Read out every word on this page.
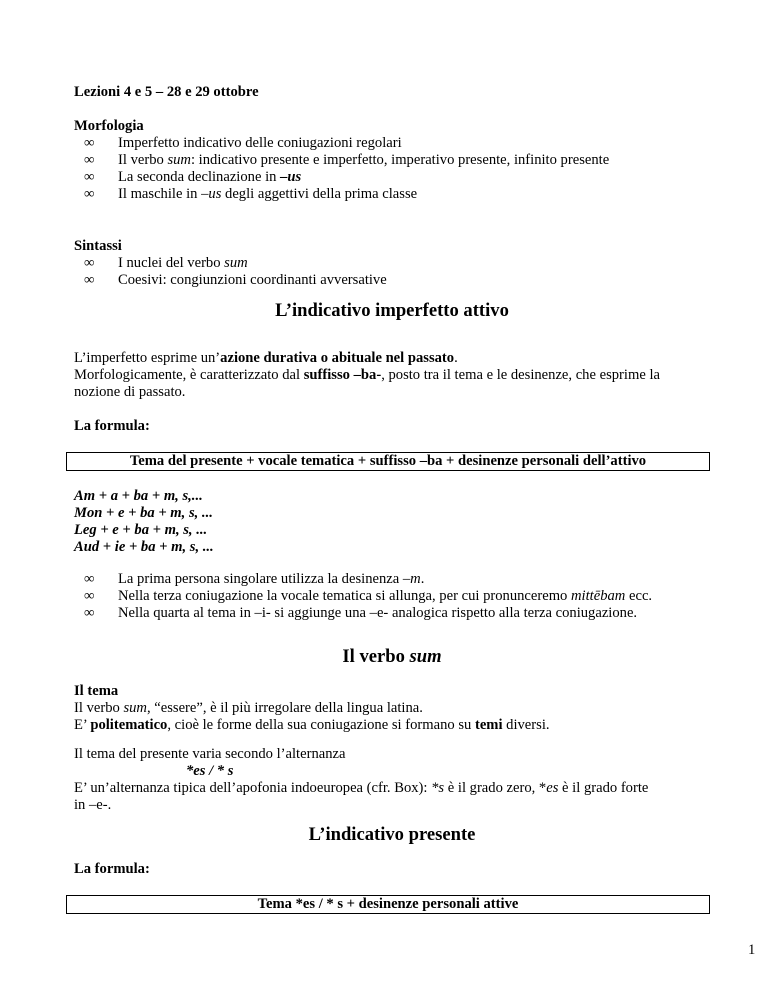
Lezioni 4 e 5 – 28 e 29 ottobre
Morfologia
∞ Imperfetto indicativo delle coniugazioni regolari
∞ Il verbo sum: indicativo presente e imperfetto, imperativo presente, infinito presente
∞ La seconda declinazione in –us
∞ Il maschile in –us degli aggettivi della prima classe
Sintassi
∞ I nuclei del verbo sum
∞ Coesivi: congiunzioni coordinanti avversative
L’indicativo imperfetto attivo
L’imperfetto esprime un’azione durativa o abituale nel passato.
Morfologicamente, è caratterizzato dal suffisso –ba-, posto tra il tema e le desinenze, che esprime la
nozione di passato.
La formula:
Tema del presente + vocale tematica + suffisso –ba + desinenze personali dell’attivo
Am + a + ba + m, s,...
Mon + e + ba + m, s, ...
Leg + e + ba + m, s, ...
Aud + ie + ba + m, s, ...
∞ La prima persona singolare utilizza la desinenza –m.
∞ Nella terza coniugazione la vocale tematica si allunga, per cui pronunceremo mittēbam ecc.
∞ Nella quarta al tema in –i- si aggiunge una –e- analogica rispetto alla terza coniugazione.
Il verbo sum
Il tema
Il verbo sum, “essere”, è il più irregolare della lingua latina.
E’ politematico, cioè le forme della sua coniugazione si formano su temi diversi.
Il tema del presente varia secondo l’alternanza
*es / * s
E’ un’alternanza tipica dell’apofonia indoeuropea (cfr. Box): *s è il grado zero, *es è il grado forte
in –e-.
L’indicativo presente
La formula:
Tema *es / * s + desinenze personali attive
1
